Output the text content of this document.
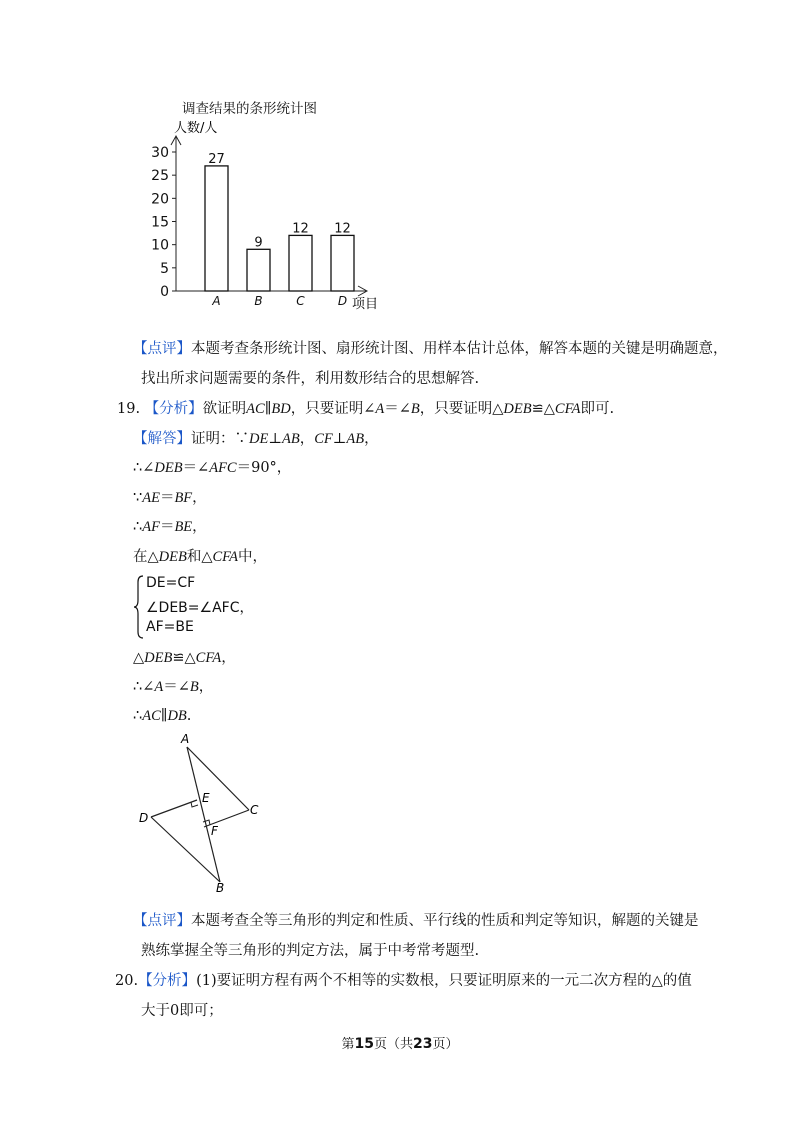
调查结果的条形统计图
人数/人
项目
0
5
10
15
20
25
30	27
A
9
B
12
C
12
D
【点评】本题考查条形统计图、扇形统计图、用样本估计总体，解答本题的关键是明确题意，
找出所求问题需要的条件，利用数形结合的思想解答.
19. 【分析】欲证明AC∥BD，只要证明∠A＝∠B，只要证明△DEB≌△CFA即可.
【解答】证明：∵DE⊥AB，CF⊥AB，
∴∠DEB＝∠AFC＝90°，
∵AE＝BF，
∴AF＝BE，
在△DEB和△CFA中，
DE=CF
∠DEB=∠AFC，
AF=BE
△DEB≌△CFA，
∴∠A＝∠B，
∴AC∥DB.
A
B
C
D
E
F
【点评】本题考查全等三角形的判定和性质、平行线的性质和判定等知识，解题的关键是
熟练掌握全等三角形的判定方法，属于中考常考题型.
20.【分析】(1)要证明方程有两个不相等的实数根，只要证明原来的一元二次方程的△的值
大于0即可；
第15页（共23页）
